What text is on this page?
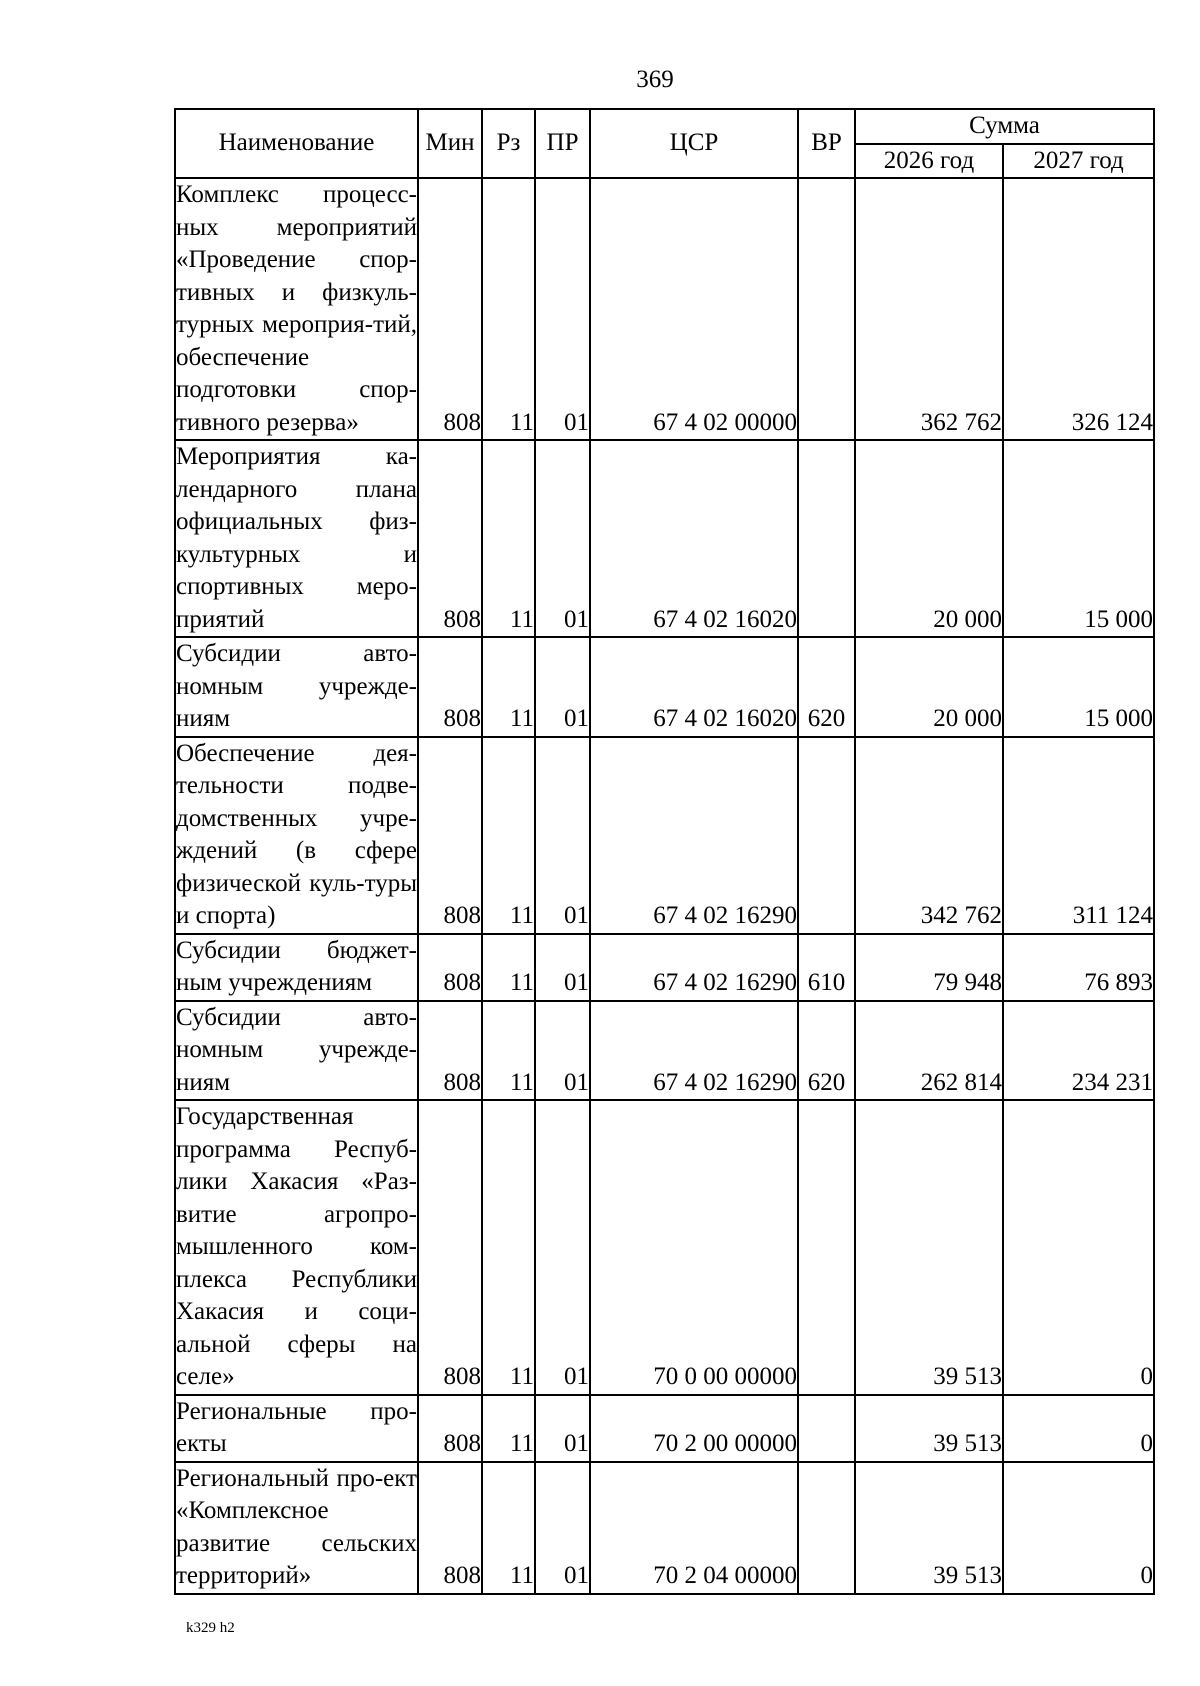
369
Наименование	Мин	Рз	ПР	ЦСР	ВР	Сумма	
						2026 год	2027 год
Комплекс процесс-ных мероприятий «Проведение спор-тивных и физкуль-турных мероприя-тий, обеспечение подготовки спор-тивного резерва»	808	11	01	67 4 02 00000		362 762	326 124
Мероприятия ка-лендарного плана официальных физ-культурных и спортивных меро-приятий	808	11	01	67 4 02 16020		20 000	15 000
Субсидии авто-номным учрежде-ниям	808	11	01	67 4 02 16020	620	20 000	15 000
Обеспечение дея-тельности подве-домственных учре-ждений (в сфере физической куль-туры и спорта)	808	11	01	67 4 02 16290		342 762	311 124
Субсидии бюджет-ным учреждениям	808	11	01	67 4 02 16290	610	79 948	76 893
Субсидии авто-номным учрежде-ниям	808	11	01	67 4 02 16290	620	262 814	234 231
Государственная программа Респуб-лики Хакасия «Раз-витие агропро-мышленного ком-плекса Республики Хакасия и соци-альной сферы на селе»	808	11	01	70 0 00 00000		39 513	0
Региональные про-екты	808	11	01	70 2 00 00000		39 513	0
Региональный про-ект «Комплексное развитие сельских территорий»	808	11	01	70 2 04 00000		39 513	0
k329 h2
